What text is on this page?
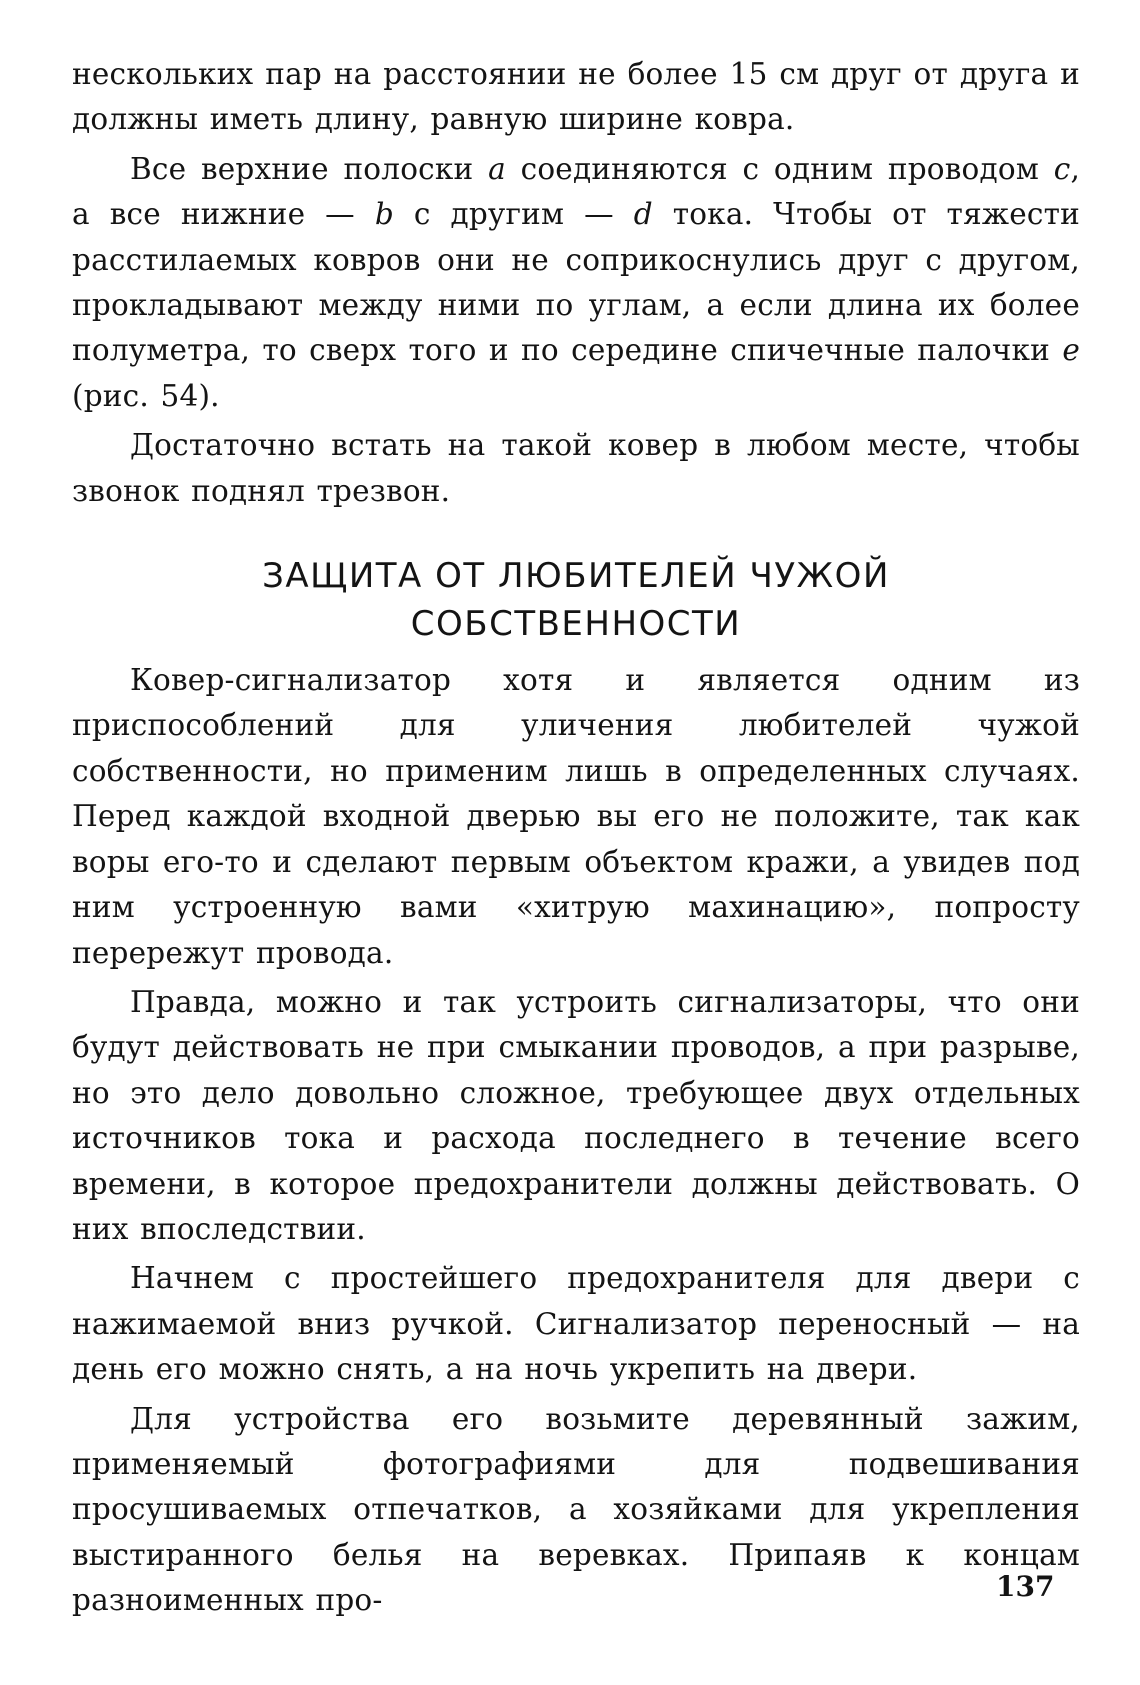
нескольких пар на расстоянии не более 15 см друг от друга и должны иметь длину, равную ширине ковра.

Все верхние полоски a соединяются с одним проводом c, а все нижние — b с другим — d тока. Чтобы от тяжести расстилаемых ковров они не соприкоснулись друг с другом, прокладывают между ними по углам, а если длина их более полуметра, то сверх того и по середине спичечные палочки e (рис. 54).

Достаточно встать на такой ковер в любом месте, чтобы звонок поднял трезвон.

ЗАЩИТА ОТ ЛЮБИТЕЛЕЙ ЧУЖОЙ
СОБСТВЕННОСТИ

Ковер-сигнализатор хотя и является одним из приспособлений для уличения любителей чужой собственности, но применим лишь в определенных случаях. Перед каждой входной дверью вы его не положите, так как воры его-то и сделают первым объектом кражи, а увидев под ним устроенную вами «хитрую махинацию», попросту перережут провода.

Правда, можно и так устроить сигнализаторы, что они будут действовать не при смыкании проводов, а при разрыве, но это дело довольно сложное, требующее двух отдельных источников тока и расхода последнего в течение всего времени, в которое предохранители должны действовать. О них впоследствии.

Начнем с простейшего предохранителя для двери с нажимаемой вниз ручкой. Сигнализатор переносный — на день его можно снять, а на ночь укрепить на двери.

Для устройства его возьмите деревянный зажим, применяемый фотографиями для подвешивания просушиваемых отпечатков, а хозяйками для укрепления выстиранного белья на веревках. Припаяв к концам разноименных про-	137
